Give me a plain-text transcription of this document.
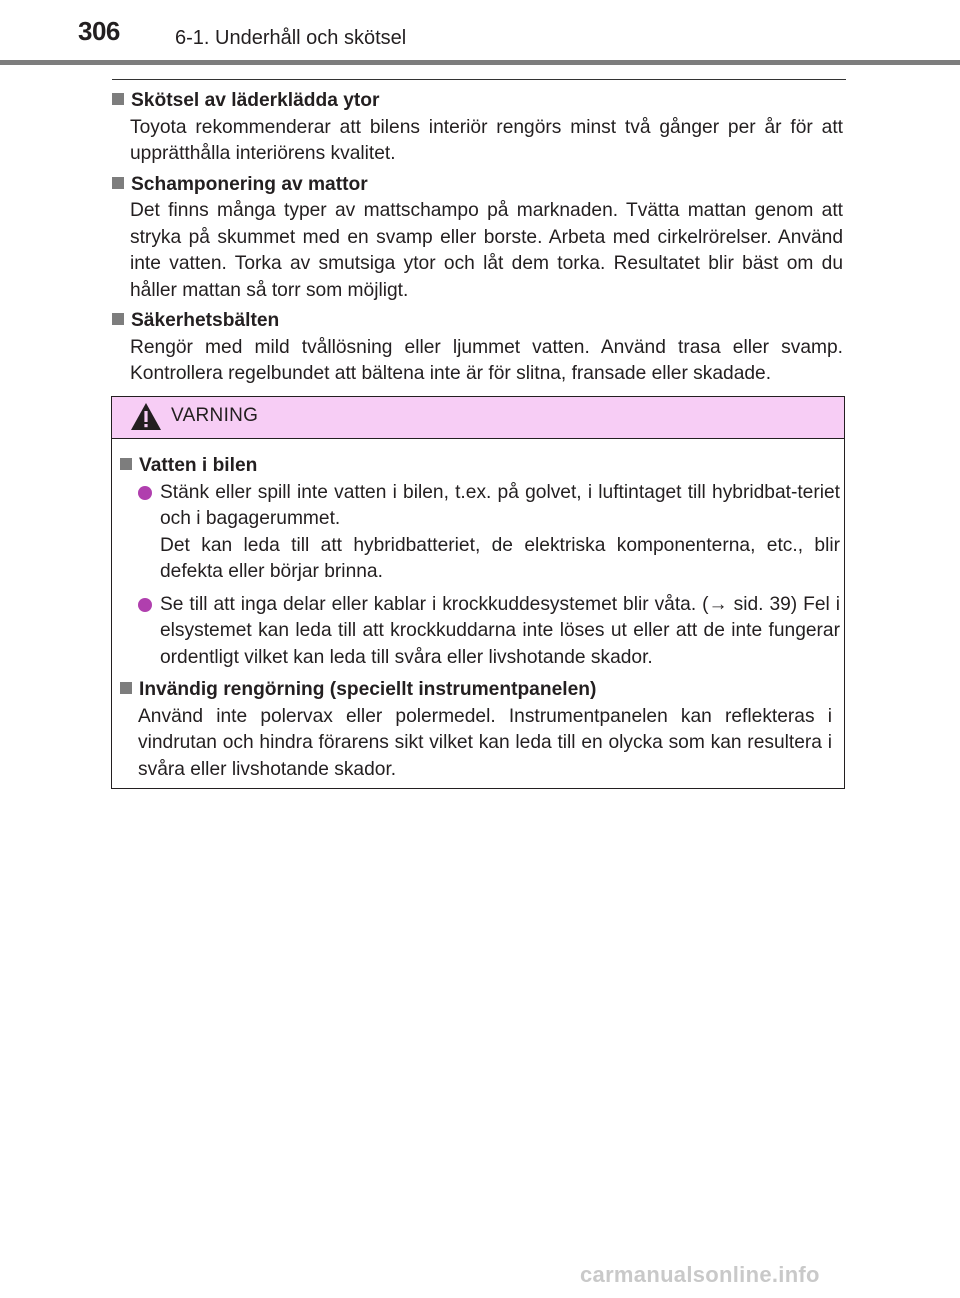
306	6-1. Underhåll och skötsel
Skötsel av läderklädda ytor
Toyota rekommenderar att bilens interiör rengörs minst två gånger per år för att upprätthålla interiörens kvalitet.
Schamponering av mattor
Det finns många typer av mattschampo på marknaden. Tvätta mattan genom att stryka på skummet med en svamp eller borste. Arbeta med cirkelrörelser. Använd inte vatten. Torka av smutsiga ytor och låt dem torka. Resultatet blir bäst om du håller mattan så torr som möjligt.
Säkerhetsbälten
Rengör med mild tvållösning eller ljummet vatten. Använd trasa eller svamp. Kontrollera regelbundet att bältena inte är för slitna, fransade eller skadade.
VARNING
Vatten i bilen
Stänk eller spill inte vatten i bilen, t.ex. på golvet, i luftintaget till hybridbat-teriet och i bagagerummet.
Det kan leda till att hybridbatteriet, de elektriska komponenterna, etc., blir defekta eller börjar brinna.
Se till att inga delar eller kablar i krockkuddesystemet blir våta. (→ sid. 39) Fel i elsystemet kan leda till att krockkuddarna inte löses ut eller att de inte fungerar ordentligt vilket kan leda till svåra eller livshotande skador.
Invändig rengörning (speciellt instrumentpanelen)
Använd inte polervax eller polermedel. Instrumentpanelen kan reflekteras i vindrutan och hindra förarens sikt vilket kan leda till en olycka som kan resultera i svåra eller livshotande skador.
carmanualsonline.info
